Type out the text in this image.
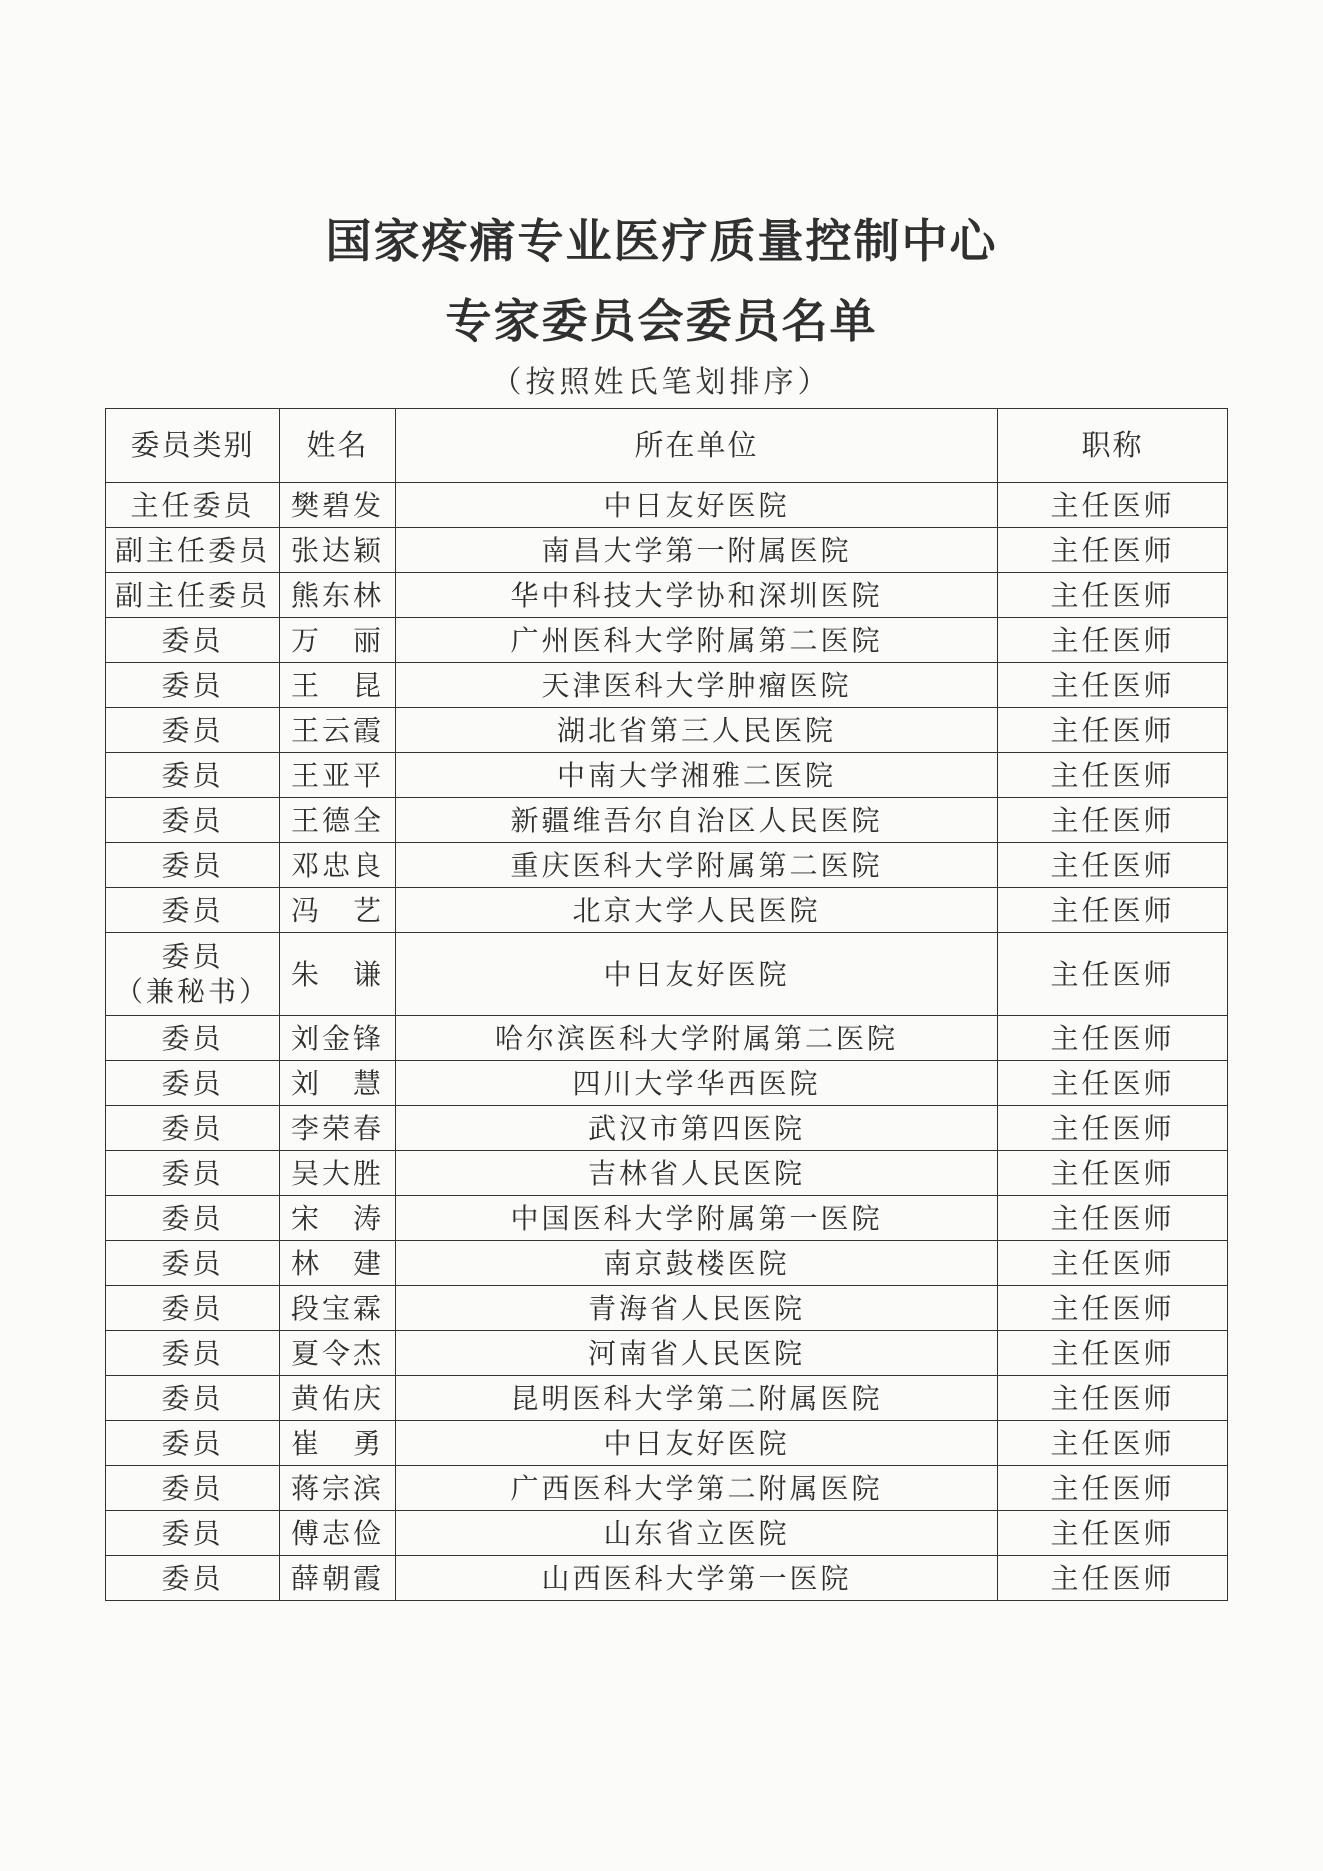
国家疼痛专业医疗质量控制中心
专家委员会委员名单
（按照姓氏笔划排序）
委员类别	姓名	所在单位	职称
主任委员	樊碧发	中日友好医院	主任医师
副主任委员	张达颖	南昌大学第一附属医院	主任医师
副主任委员	熊东林	华中科技大学协和深圳医院	主任医师
委员	万　丽	广州医科大学附属第二医院	主任医师
委员	王　昆	天津医科大学肿瘤医院	主任医师
委员	王云霞	湖北省第三人民医院	主任医师
委员	王亚平	中南大学湘雅二医院	主任医师
委员	王德全	新疆维吾尔自治区人民医院	主任医师
委员	邓忠良	重庆医科大学附属第二医院	主任医师
委员	冯　艺	北京大学人民医院	主任医师
委员
（兼秘书）	朱　谦	中日友好医院	主任医师
委员	刘金锋	哈尔滨医科大学附属第二医院	主任医师
委员	刘　慧	四川大学华西医院	主任医师
委员	李荣春	武汉市第四医院	主任医师
委员	吴大胜	吉林省人民医院	主任医师
委员	宋　涛	中国医科大学附属第一医院	主任医师
委员	林　建	南京鼓楼医院	主任医师
委员	段宝霖	青海省人民医院	主任医师
委员	夏令杰	河南省人民医院	主任医师
委员	黄佑庆	昆明医科大学第二附属医院	主任医师
委员	崔　勇	中日友好医院	主任医师
委员	蒋宗滨	广西医科大学第二附属医院	主任医师
委员	傅志俭	山东省立医院	主任医师
委员	薛朝霞	山西医科大学第一医院	主任医师
